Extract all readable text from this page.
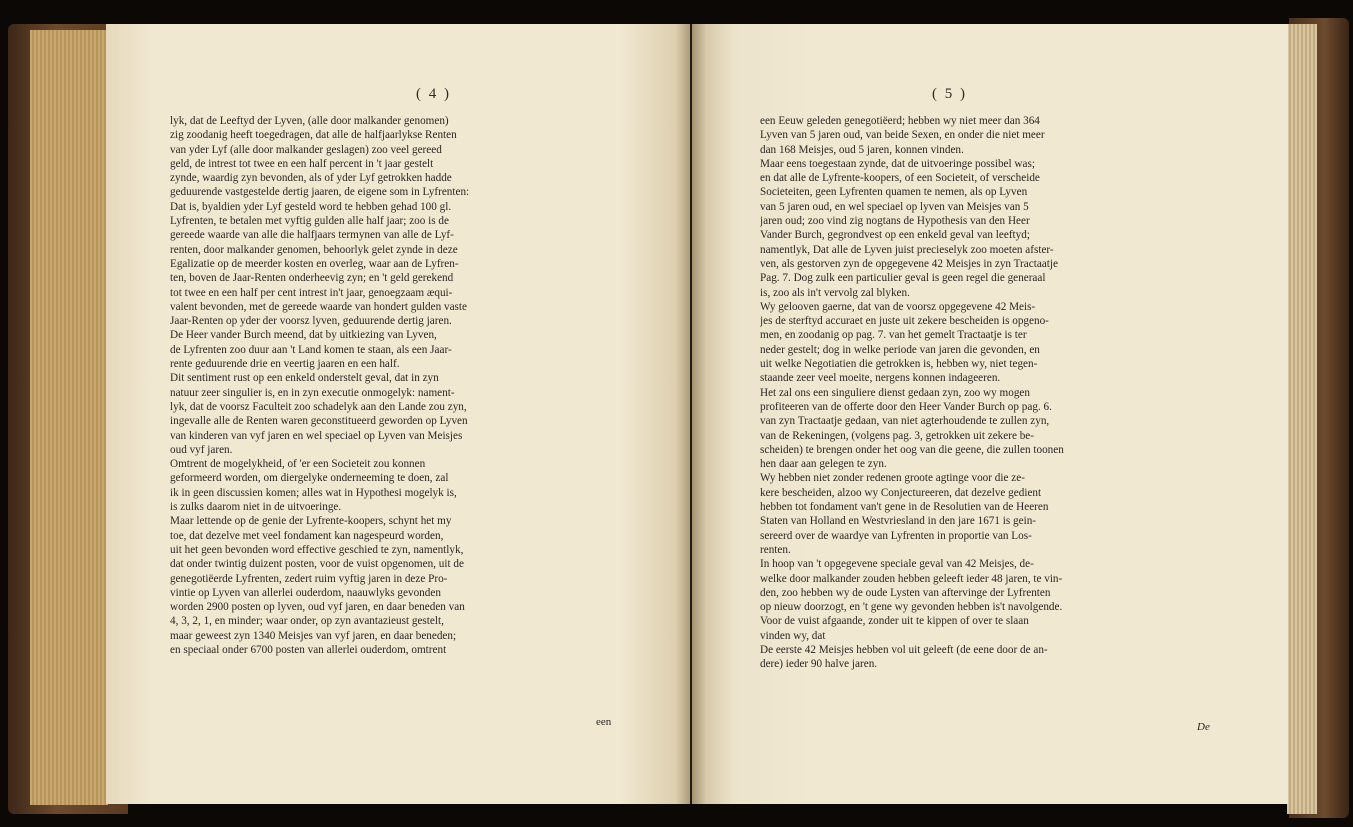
( 4 )
lyk, dat de Leeftyd der Lyven, (alle door malkander genomen)
zig zoodanig heeft toegedragen, dat alle de halfjaarlykse Renten
van yder Lyf (alle door malkander geslagen) zoo veel gereed
geld, de intrest tot twee en een half percent in 't jaar gestelt
zynde, waardig zyn bevonden, als of yder Lyf getrokken hadde
geduurende vastgestelde dertig jaaren, de eigene som in Lyfrenten:
Dat is, byaldien yder Lyf gesteld word te hebben gehad 100 gl.
Lyfrenten, te betalen met vyftig gulden alle half jaar; zoo is de
gereede waarde van alle die halfjaars termynen van alle de Lyf-
renten, door malkander genomen, behoorlyk gelet zynde in deze
Egalizatie op de meerder kosten en overleg, waar aan de Lyfren-
ten, boven de Jaar-Renten onderheevig zyn; en 't geld gerekend
tot twee en een half per cent intrest in't jaar, genoegzaam æqui-
valent bevonden, met de gereede waarde van hondert gulden vaste
Jaar-Renten op yder der voorsz lyven, geduurende dertig jaren.
De Heer vander Burch meend, dat by uitkiezing van Lyven,
de Lyfrenten zoo duur aan 't Land komen te staan, als een Jaar-
rente geduurende drie en veertig jaaren en een half.
Dit sentiment rust op een enkeld onderstelt geval, dat in zyn
natuur zeer singulier is, en in zyn executie onmogelyk: nament-
lyk, dat de voorsz Faculteit zoo schadelyk aan den Lande zou zyn,
ingevalle alle de Renten waren geconstitueerd geworden op Lyven
van kinderen van vyf jaren en wel speciael op Lyven van Meisjes
oud vyf jaren.
Omtrent de mogelykheid, of 'er een Societeit zou konnen
geformeerd worden, om diergelyke onderneeming te doen, zal
ik in geen discussien komen; alles wat in Hypothesi mogelyk is,
is zulks daarom niet in de uitvoeringe.
Maar lettende op de genie der Lyfrente-koopers, schynt het my
toe, dat dezelve met veel fondament kan nagespeurd worden,
uit het geen bevonden word effective geschied te zyn, namentlyk,
dat onder twintig duizent posten, voor de vuist opgenomen, uit de
genegotiëerde Lyfrenten, zedert ruim vyftig jaren in deze Pro-
vintie op Lyven van allerlei ouderdom, naauwlyks gevonden
worden 2900 posten op lyven, oud vyf jaren, en daar beneden van
4, 3, 2, 1, en minder; waar onder, op zyn avantazieust gestelt,
maar geweest zyn 1340 Meisjes van vyf jaren, en daar beneden;
en speciaal onder 6700 posten van allerlei ouderdom, omtrent
een
( 5 )
een Eeuw geleden genegotiëerd; hebben wy niet meer dan 364
Lyven van 5 jaren oud, van beide Sexen, en onder die niet meer
dan 168 Meisjes, oud 5 jaren, konnen vinden.
Maar eens toegestaan zynde, dat de uitvoeringe possibel was;
en dat alle de Lyfrente-koopers, of een Societeit, of verscheide
Societeiten, geen Lyfrenten quamen te nemen, als op Lyven
van 5 jaren oud, en wel speciael op lyven van Meisjes van 5
jaren oud; zoo vind zig nogtans de Hypothesis van den Heer
Vander Burch, gegrondvest op een enkeld geval van leeftyd;
namentlyk, Dat alle de Lyven juist precieselyk zoo moeten afster-
ven, als gestorven zyn de opgegevene 42 Meisjes in zyn Tractaatje
Pag. 7. Dog zulk een particulier geval is geen regel die generaal
is, zoo als in't vervolg zal blyken.
Wy gelooven gaerne, dat van de voorsz opgegevene 42 Meis-
jes de sterftyd accuraet en juste uit zekere bescheiden is opgeno-
men, en zoodanig op pag. 7. van het gemelt Tractaatje is ter
neder gestelt; dog in welke periode van jaren die gevonden, en
uit welke Negotiatien die getrokken is, hebben wy, niet tegen-
staande zeer veel moeite, nergens konnen indageeren.
Het zal ons een singuliere dienst gedaan zyn, zoo wy mogen
profiteeren van de offerte door den Heer Vander Burch op pag. 6.
van zyn Tractaatje gedaan, van niet agterhoudende te zullen zyn,
van de Rekeningen, (volgens pag. 3, getrokken uit zekere be-
scheiden) te brengen onder het oog van die geene, die zullen toonen
hen daar aan gelegen te zyn.
Wy hebben niet zonder redenen groote agtinge voor die ze-
kere bescheiden, alzoo wy Conjectureeren, dat dezelve gedient
hebben tot fondament van't gene in de Resolutien van de Heeren
Staten van Holland en Westvriesland in den jare 1671 is gein-
sereerd over de waardye van Lyfrenten in proportie van Los-
renten.
In hoop van 't opgegevene speciale geval van 42 Meisjes, de-
welke door malkander zouden hebben geleeft ieder 48 jaren, te vin-
den, zoo hebben wy de oude Lysten van aftervinge der Lyfrenten
op nieuw doorzogt, en 't gene wy gevonden hebben is't navolgende.
Voor de vuist afgaande, zonder uit te kippen of over te slaan
vinden wy, dat
De eerste 42 Meisjes hebben vol uit geleeft (de eene door de an-
dere) ieder 90 halve jaren.
De
